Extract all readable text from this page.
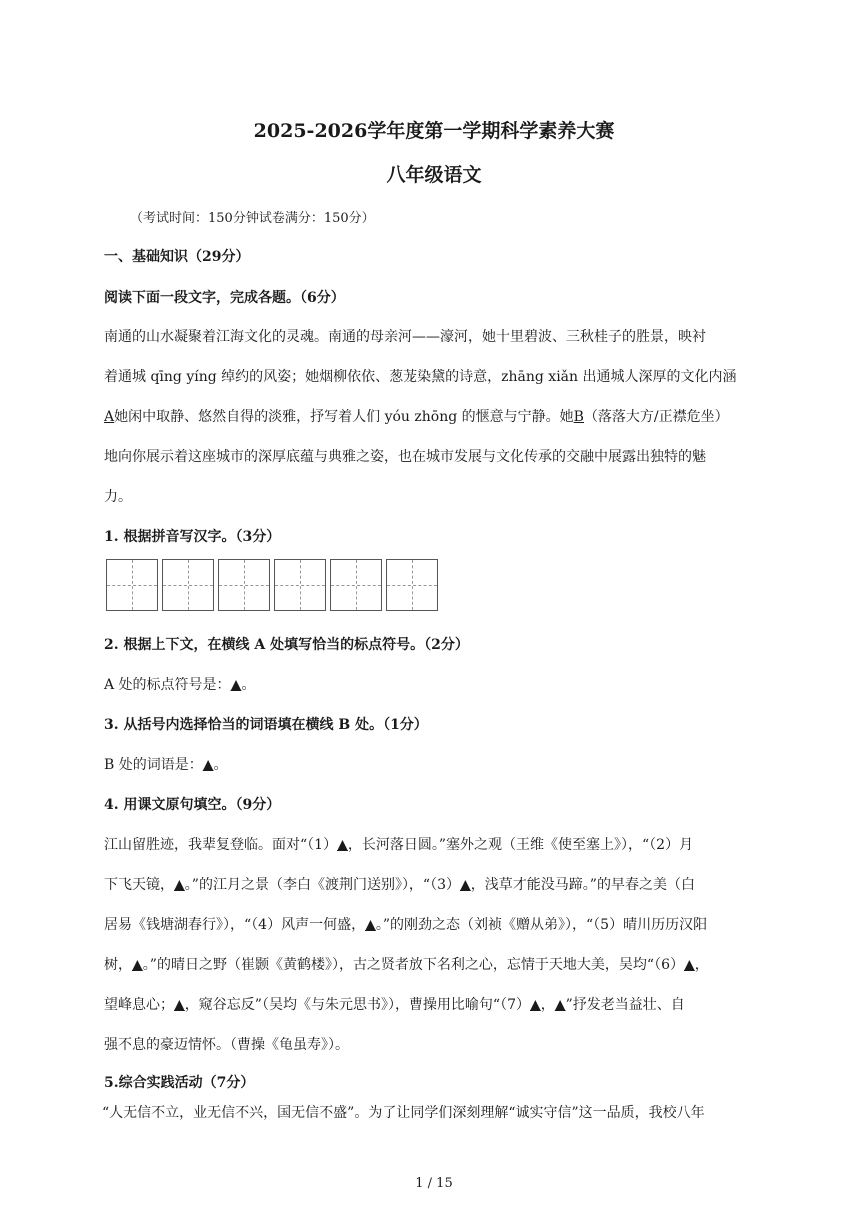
2025-2026学年度第一学期科学素养大赛
八年级语文
（考试时间：150分钟试卷满分：150分）
一、基础知识（29分）
阅读下面一段文字，完成各题。（6分）
南通的山水凝聚着江海文化的灵魂。南通的母亲河——濠河，她十里碧波、三秋桂子的胜景，映衬
着通城 qīng yíng 绰约的风姿；她烟柳依依、葱茏染黛的诗意，zhāng xiǎn 出通城人深厚的文化内涵
A她闲中取静、悠然自得的淡雅，抒写着人们 yóu zhōng 的惬意与宁静。她B（落落大方/正襟危坐）
地向你展示着这座城市的深厚底蕴与典雅之姿，也在城市发展与文化传承的交融中展露出独特的魅
力。
1. 根据拼音写汉字。（3分）
2. 根据上下文，在横线 A 处填写恰当的标点符号。（2分）
A 处的标点符号是：▲。
3. 从括号内选择恰当的词语填在横线 B 处。（1分）
B 处的词语是：▲。
4. 用课文原句填空。（9分）
江山留胜迹，我辈复登临。面对“（1）▲，长河落日圆。”塞外之观（王维《使至塞上》），“（2）月
下飞天镜，▲。”的江月之景（李白《渡荆门送别》），“（3）▲，浅草才能没马蹄。”的早春之美（白
居易《钱塘湖春行》），“（4）风声一何盛，▲。”的刚劲之态（刘祯《赠从弟》），“（5）晴川历历汉阳
树，▲。”的晴日之野（崔颢《黄鹤楼》），古之贤者放下名利之心，忘情于天地大美，吴均“（6）▲，
望峰息心；▲，窥谷忘反”（吴均《与朱元思书》），曹操用比喻句“（7）▲，▲”抒发老当益壮、自
强不息的豪迈情怀。（曹操《龟虽寿》）。
5.综合实践活动（7分）
“人无信不立，业无信不兴，国无信不盛”。为了让同学们深刻理解“诚实守信”这一品质，我校八年
1 / 15
